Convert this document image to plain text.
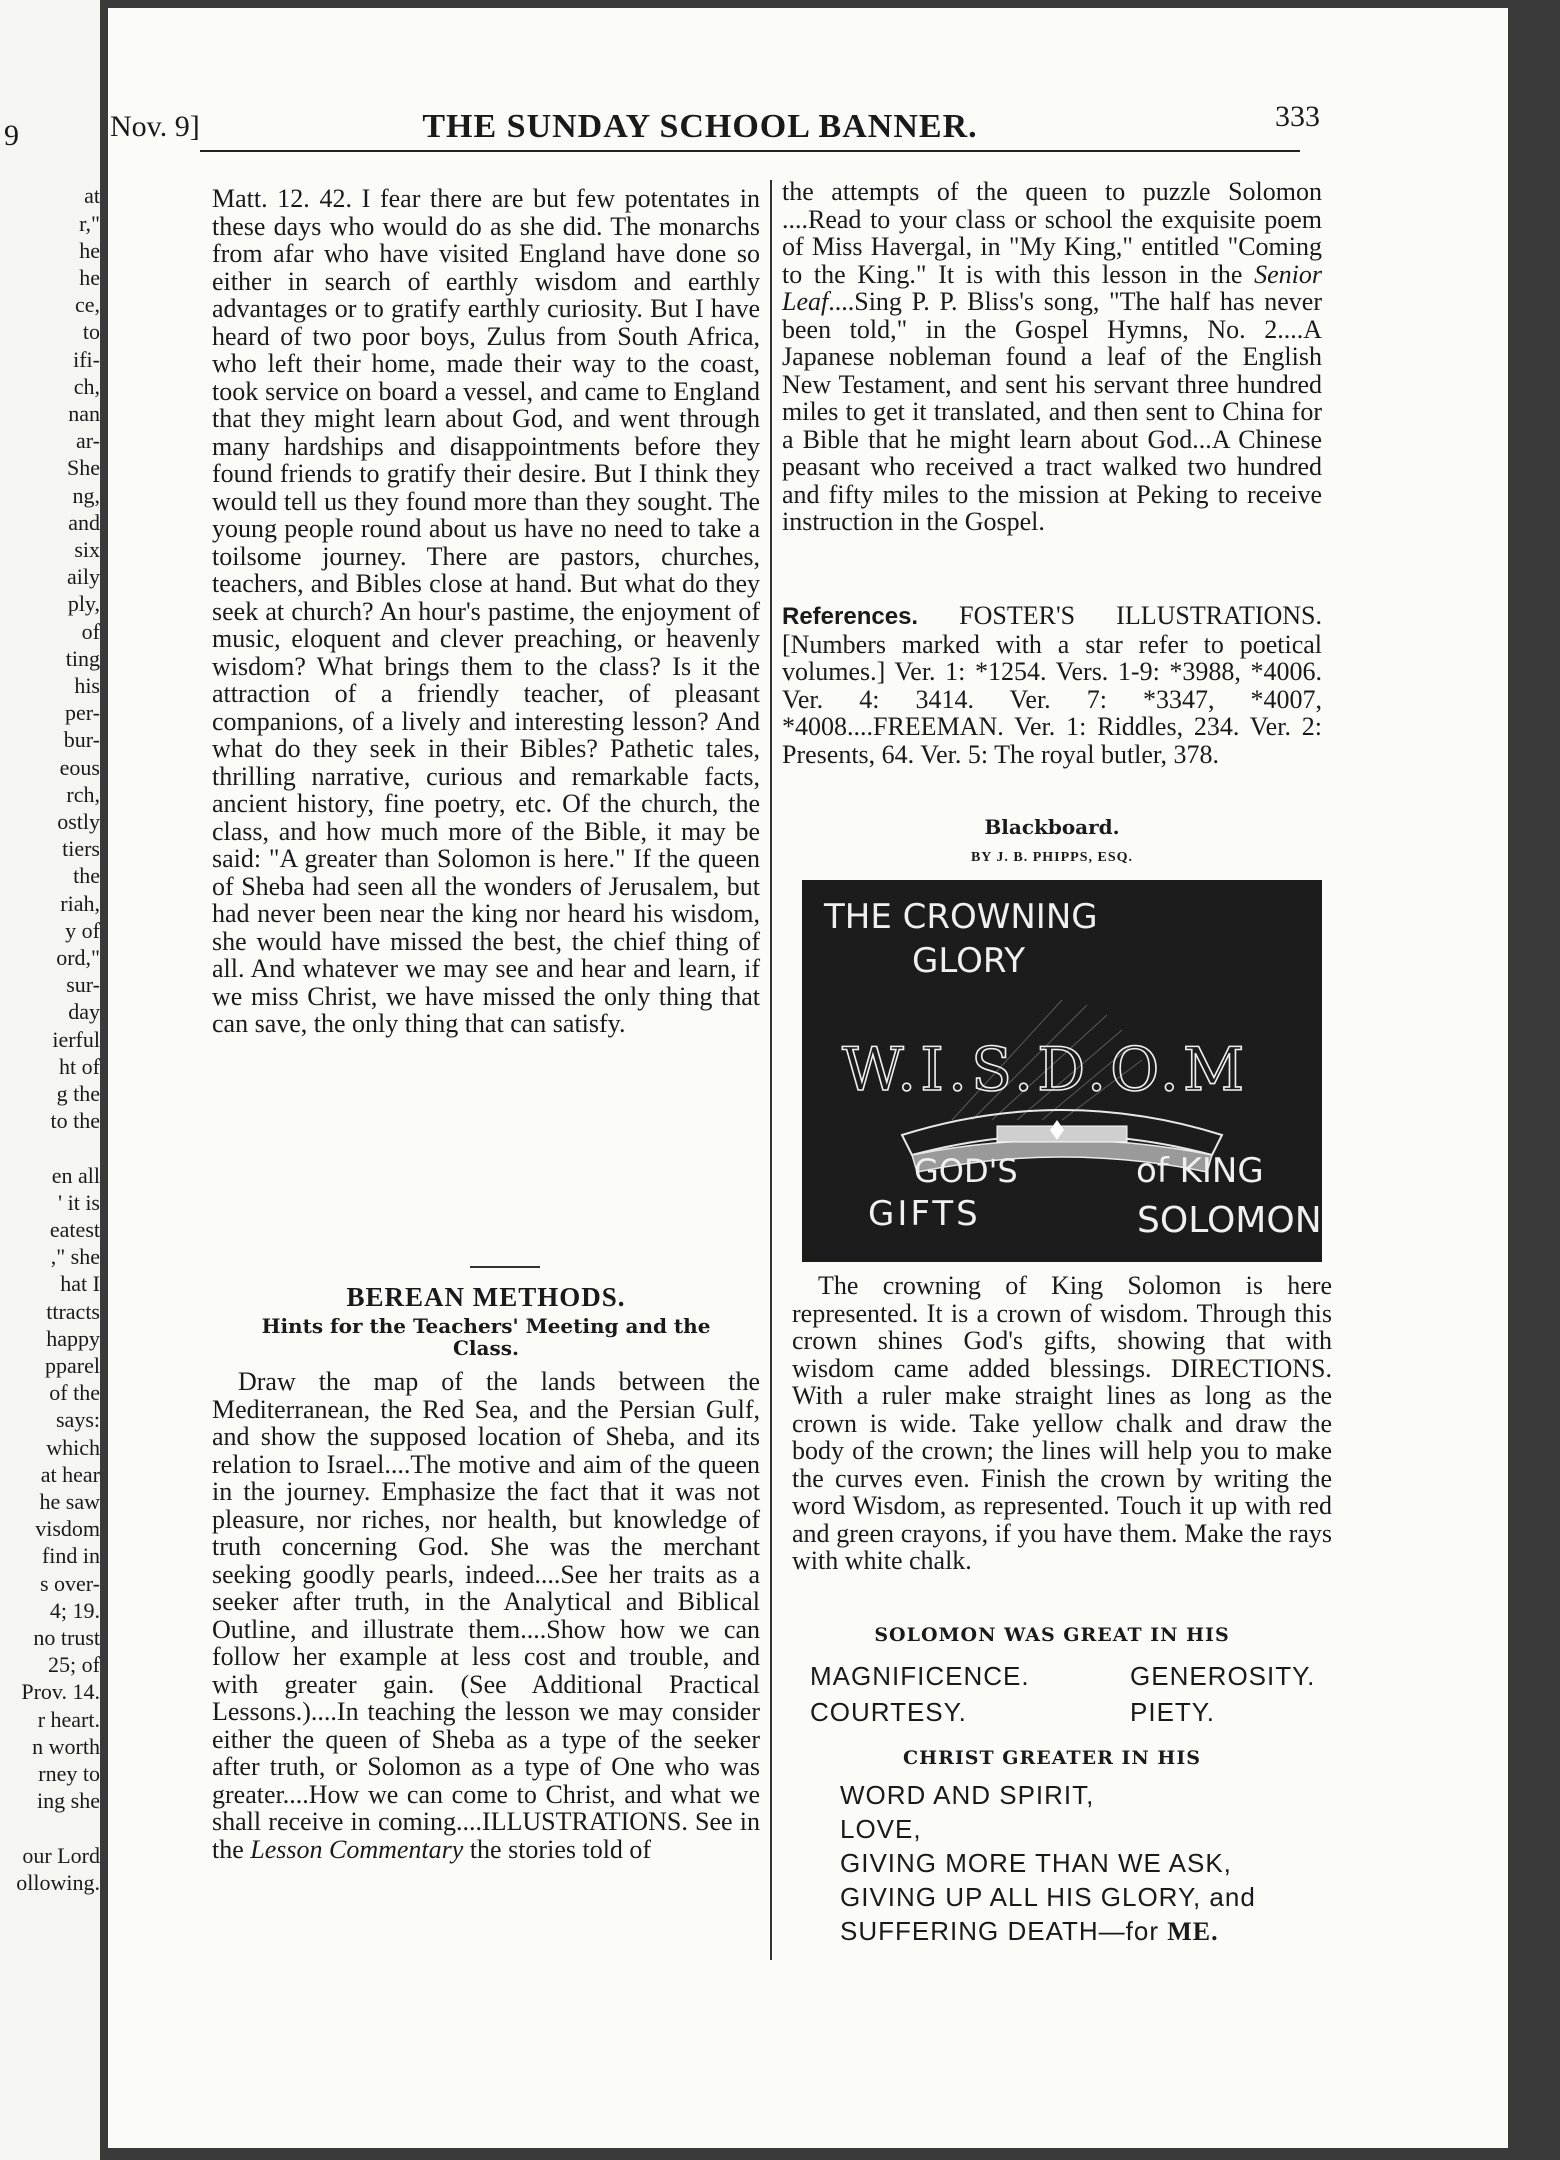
9
at
r,"
he
he
ce,
to
ifi-
ch,
nan
ar-
She
ng,
and
six
aily
ply,
of
ting
his
per-
bur-
eous
rch,
ostly
tiers
the
riah,
y of
ord,"
sur-
day
ierful
ht of
g the
to the
en all
' it is
eatest
," she
hat I
ttracts
happy
pparel
of the
says:
which
at hear
he saw
visdom
find in
s over-
4; 19.
no trust
25; of
Prov. 14.
r heart.
n worth
rney to
ing she
our Lord
ollowing.
Nov. 9]	THE SUNDAY SCHOOL BANNER.	333

Matt. 12. 42. I fear there are but few potentates in these days who would do as she did. The monarchs from afar who have visited England have done so either in search of earthly wisdom and earthly advantages or to gratify earthly curiosity. But I have heard of two poor boys, Zulus from South Africa, who left their home, made their way to the coast, took service on board a vessel, and came to England that they might learn about God, and went through many hardships and disappointments before they found friends to gratify their desire. But I think they would tell us they found more than they sought. The young people round about us have no need to take a toilsome journey. There are pastors, churches, teachers, and Bibles close at hand. But what do they seek at church? An hour's pastime, the enjoyment of music, eloquent and clever preaching, or heavenly wisdom? What brings them to the class? Is it the attraction of a friendly teacher, of pleasant companions, of a lively and interesting lesson? And what do they seek in their Bibles? Pathetic tales, thrilling narrative, curious and remarkable facts, ancient history, fine poetry, etc. Of the church, the class, and how much more of the Bible, it may be said: "A greater than Solomon is here." If the queen of Sheba had seen all the wonders of Jerusalem, but had never been near the king nor heard his wisdom, she would have missed the best, the chief thing of all. And whatever we may see and hear and learn, if we miss Christ, we have missed the only thing that can save, the only thing that can satisfy.

BEREAN METHODS.
Hints for the Teachers' Meeting and the Class.

Draw the map of the lands between the Mediterranean, the Red Sea, and the Persian Gulf, and show the supposed location of Sheba, and its relation to Israel....The motive and aim of the queen in the journey. Emphasize the fact that it was not pleasure, nor riches, nor health, but knowledge of truth concerning God. She was the merchant seeking goodly pearls, indeed....See her traits as a seeker after truth, in the Analytical and Biblical Outline, and illustrate them....Show how we can follow her example at less cost and trouble, and with greater gain. (See Additional Practical Lessons.)....In teaching the lesson we may consider either the queen of Sheba as a type of the seeker after truth, or Solomon as a type of One who was greater....How we can come to Christ, and what we shall receive in coming....ILLUSTRATIONS. See in the Lesson Commentary the stories told of

the attempts of the queen to puzzle Solomon ....Read to your class or school the exquisite poem of Miss Havergal, in "My King," entitled "Coming to the King." It is with this lesson in the Senior Leaf....Sing P. P. Bliss's song, "The half has never been told," in the Gospel Hymns, No. 2....A Japanese nobleman found a leaf of the English New Testament, and sent his servant three hundred miles to get it translated, and then sent to China for a Bible that he might learn about God...A Chinese peasant who received a tract walked two hundred and fifty miles to the mission at Peking to receive instruction in the Gospel.

References. FOSTER'S ILLUSTRATIONS. [Numbers marked with a star refer to poetical volumes.] Ver. 1: *1254. Vers. 1-9: *3988, *4006. Ver. 4: 3414. Ver. 7: *3347, *4007, *4008....FREEMAN. Ver. 1: Riddles, 234. Ver. 2: Presents, 64. Ver. 5: The royal butler, 378.
Blackboard.
BY J. B. PHIPPS, ESQ.
THE CROWNING
GLORY
W.I.S.D.O.M
GOD'S
GIFTS
of KING
SOLOMON

The crowning of King Solomon is here represented. It is a crown of wisdom. Through this crown shines God's gifts, showing that with wisdom came added blessings. DIRECTIONS. With a ruler make straight lines as long as the crown is wide. Take yellow chalk and draw the body of the crown; the lines will help you to make the curves even. Finish the crown by writing the word Wisdom, as represented. Touch it up with red and green crayons, if you have them. Make the rays with white chalk.

SOLOMON WAS GREAT IN HIS
MAGNIFICENCE.	GENEROSITY.
COURTESY.	PIETY.
CHRIST GREATER IN HIS
WORD AND SPIRIT,
LOVE,
GIVING MORE THAN WE ASK,
GIVING UP ALL HIS GLORY, and
SUFFERING DEATH—for ME.
